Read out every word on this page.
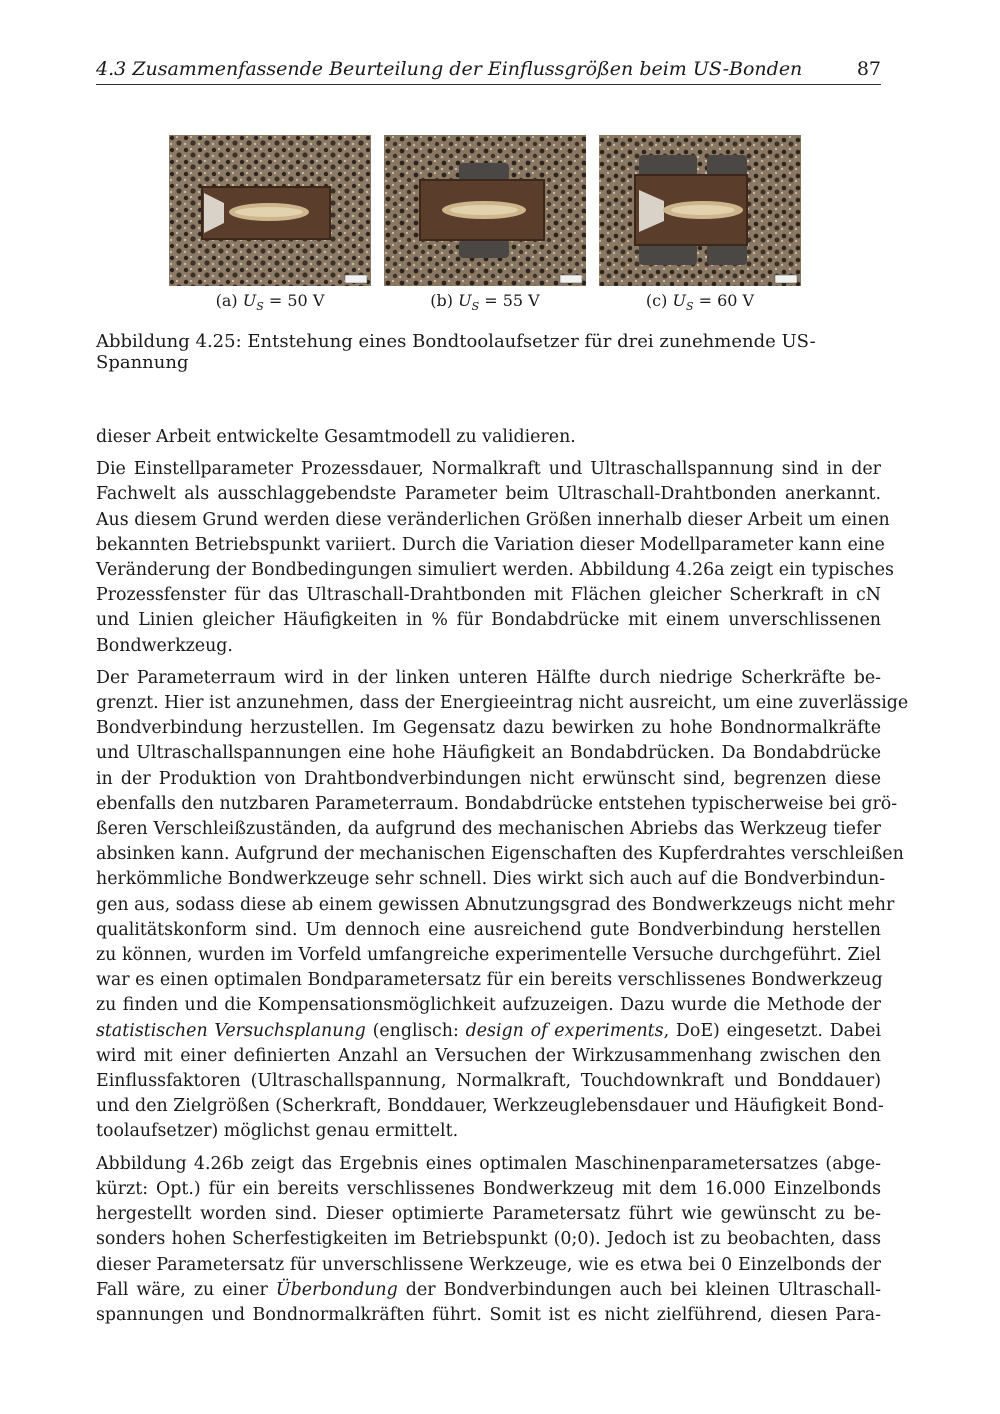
4.3 Zusammenfassende Beurteilung der Einflussgrößen beim US-Bonden	87
(a) $U_S = 50$ V	(b) $U_S = 55$ V	(c) $U_S = 60$ V
Abbildung 4.25: Entstehung eines Bondtoolaufsetzer für drei zunehmende US-Spannung

dieser Arbeit entwickelte Gesamtmodell zu validieren.

Die Einstellparameter Prozessdauer, Normalkraft und Ultraschallspannung sind in der
Fachwelt als ausschlaggebendste Parameter beim Ultraschall-Drahtbonden anerkannt.
Aus diesem Grund werden diese veränderlichen Größen innerhalb dieser Arbeit um einen
bekannten Betriebspunkt variiert. Durch die Variation dieser Modellparameter kann eine
Veränderung der Bondbedingungen simuliert werden. Abbildung 4.26a zeigt ein typisches
Prozessfenster für das Ultraschall-Drahtbonden mit Flächen gleicher Scherkraft in cN
und Linien gleicher Häufigkeiten in % für Bondabdrücke mit einem unverschlissenen
Bondwerkzeug.

Der Parameterraum wird in der linken unteren Hälfte durch niedrige Scherkräfte be-
grenzt. Hier ist anzunehmen, dass der Energieeintrag nicht ausreicht, um eine zuverlässige
Bondverbindung herzustellen. Im Gegensatz dazu bewirken zu hohe Bondnormalkräfte
und Ultraschallspannungen eine hohe Häufigkeit an Bondabdrücken. Da Bondabdrücke
in der Produktion von Drahtbondverbindungen nicht erwünscht sind, begrenzen diese
ebenfalls den nutzbaren Parameterraum. Bondabdrücke entstehen typischerweise bei grö-
ßeren Verschleißzuständen, da aufgrund des mechanischen Abriebs das Werkzeug tiefer
absinken kann. Aufgrund der mechanischen Eigenschaften des Kupferdrahtes verschleißen
herkömmliche Bondwerkzeuge sehr schnell. Dies wirkt sich auch auf die Bondverbindun-
gen aus, sodass diese ab einem gewissen Abnutzungsgrad des Bondwerkzeugs nicht mehr
qualitätskonform sind. Um dennoch eine ausreichend gute Bondverbindung herstellen
zu können, wurden im Vorfeld umfangreiche experimentelle Versuche durchgeführt. Ziel
war es einen optimalen Bondparametersatz für ein bereits verschlissenes Bondwerkzeug
zu finden und die Kompensationsmöglichkeit aufzuzeigen. Dazu wurde die Methode der
statistischen Versuchsplanung (englisch: design of experiments, DoE) eingesetzt. Dabei
wird mit einer definierten Anzahl an Versuchen der Wirkzusammenhang zwischen den
Einflussfaktoren (Ultraschallspannung, Normalkraft, Touchdownkraft und Bonddauer)
und den Zielgrößen (Scherkraft, Bonddauer, Werkzeuglebensdauer und Häufigkeit Bond-
toolaufsetzer) möglichst genau ermittelt.

Abbildung 4.26b zeigt das Ergebnis eines optimalen Maschinenparametersatzes (abge-
kürzt: Opt.) für ein bereits verschlissenes Bondwerkzeug mit dem 16.000 Einzelbonds
hergestellt worden sind. Dieser optimierte Parametersatz führt wie gewünscht zu be-
sonders hohen Scherfestigkeiten im Betriebspunkt (0;0). Jedoch ist zu beobachten, dass
dieser Parametersatz für unverschlissene Werkzeuge, wie es etwa bei 0 Einzelbonds der
Fall wäre, zu einer Überbondung der Bondverbindungen auch bei kleinen Ultraschall-
spannungen und Bondnormalkräften führt. Somit ist es nicht zielführend, diesen Para-
